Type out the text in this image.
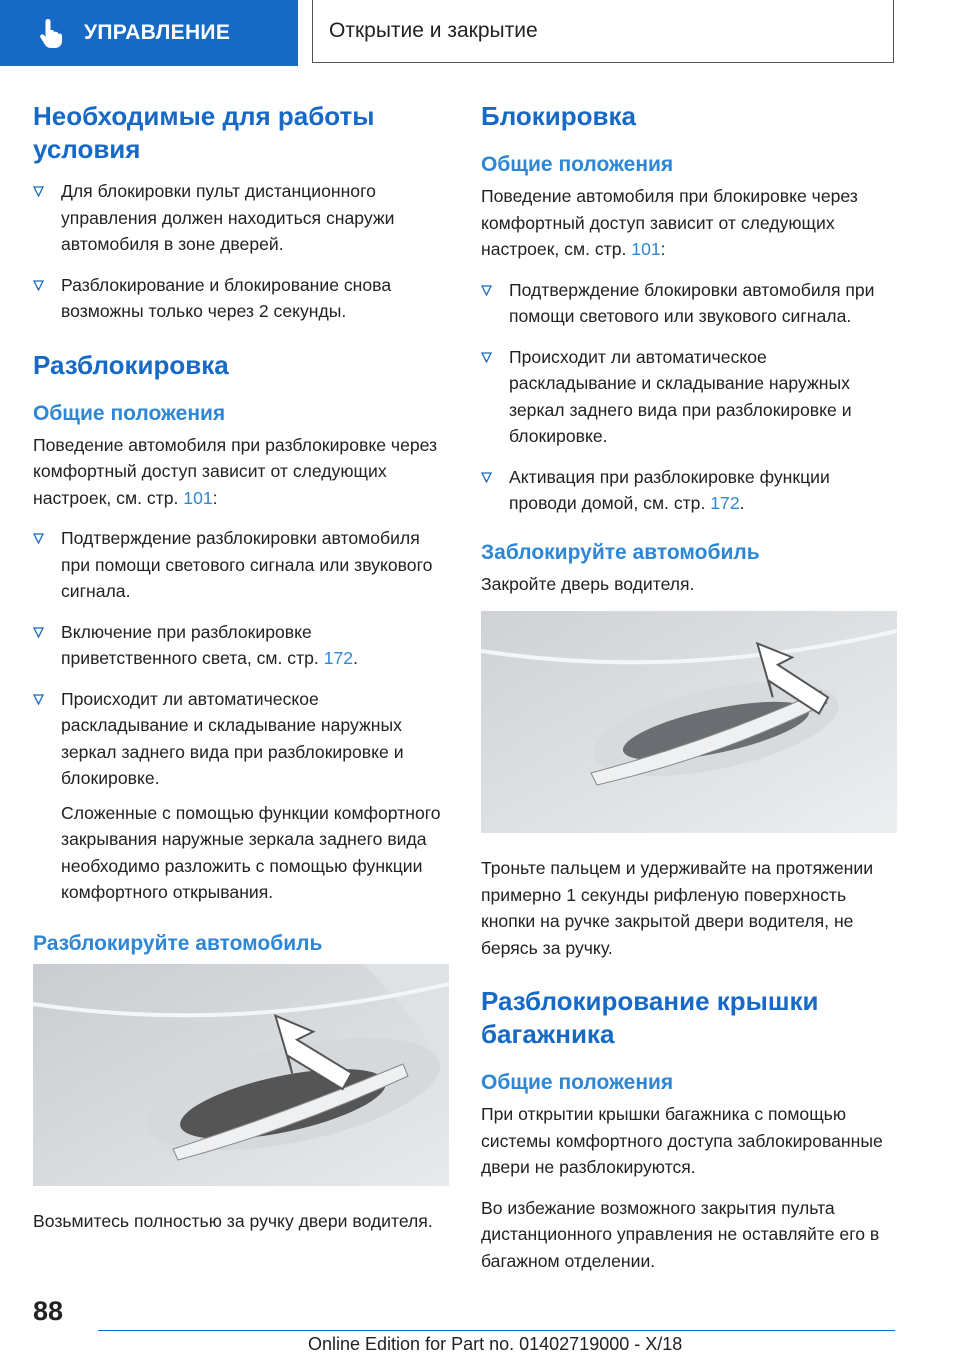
УПРАВЛЕНИЕ	Открытие и закрытие
Необходимые для работы условия
Для блокировки пульт дистанционного управления должен находиться снаружи автомобиля в зоне дверей.
Разблокирование и блокирование снова возможны только через 2 секунды.
Разблокировка
Общие положения

Поведение автомобиля при разблокировке через комфортный доступ зависит от следующих настроек, см. стр. 101:

Подтверждение разблокировки автомобиля при помощи светового сигнала или звукового сигнала.
Включение при разблокировке приветственного света, см. стр. 172.
Происходит ли автоматическое раскладывание и складывание наружных зеркал заднего вида при разблокировке и блокировке.
Сложенные с помощью функции комфортного закрывания наружные зеркала заднего вида необходимо разложить с помощью функции комфортного открывания.
Разблокируйте автомобиль

Возьмитесь полностью за ручку двери водителя.

Блокировка
Общие положения

Поведение автомобиля при блокировке через комфортный доступ зависит от следующих настроек, см. стр. 101:

Подтверждение блокировки автомобиля при помощи светового или звукового сигнала.
Происходит ли автоматическое раскладывание и складывание наружных зеркал заднего вида при разблокировке и блокировке.
Активация при разблокировке функции проводи домой, см. стр. 172.
Заблокируйте автомобиль

Закройте дверь водителя.

Троньте пальцем и удерживайте на протяжении примерно 1 секунды рифленую поверхность кнопки на ручке закрытой двери водителя, не берясь за ручку.

Разблокирование крышки багажника
Общие положения

При открытии крышки багажника с помощью системы комфортного доступа заблокированные двери не разблокируются.

Во избежание возможного закрытия пульта дистанционного управления не оставляйте его в багажном отделении.

88
Online Edition for Part no. 01402719000 - X/18
